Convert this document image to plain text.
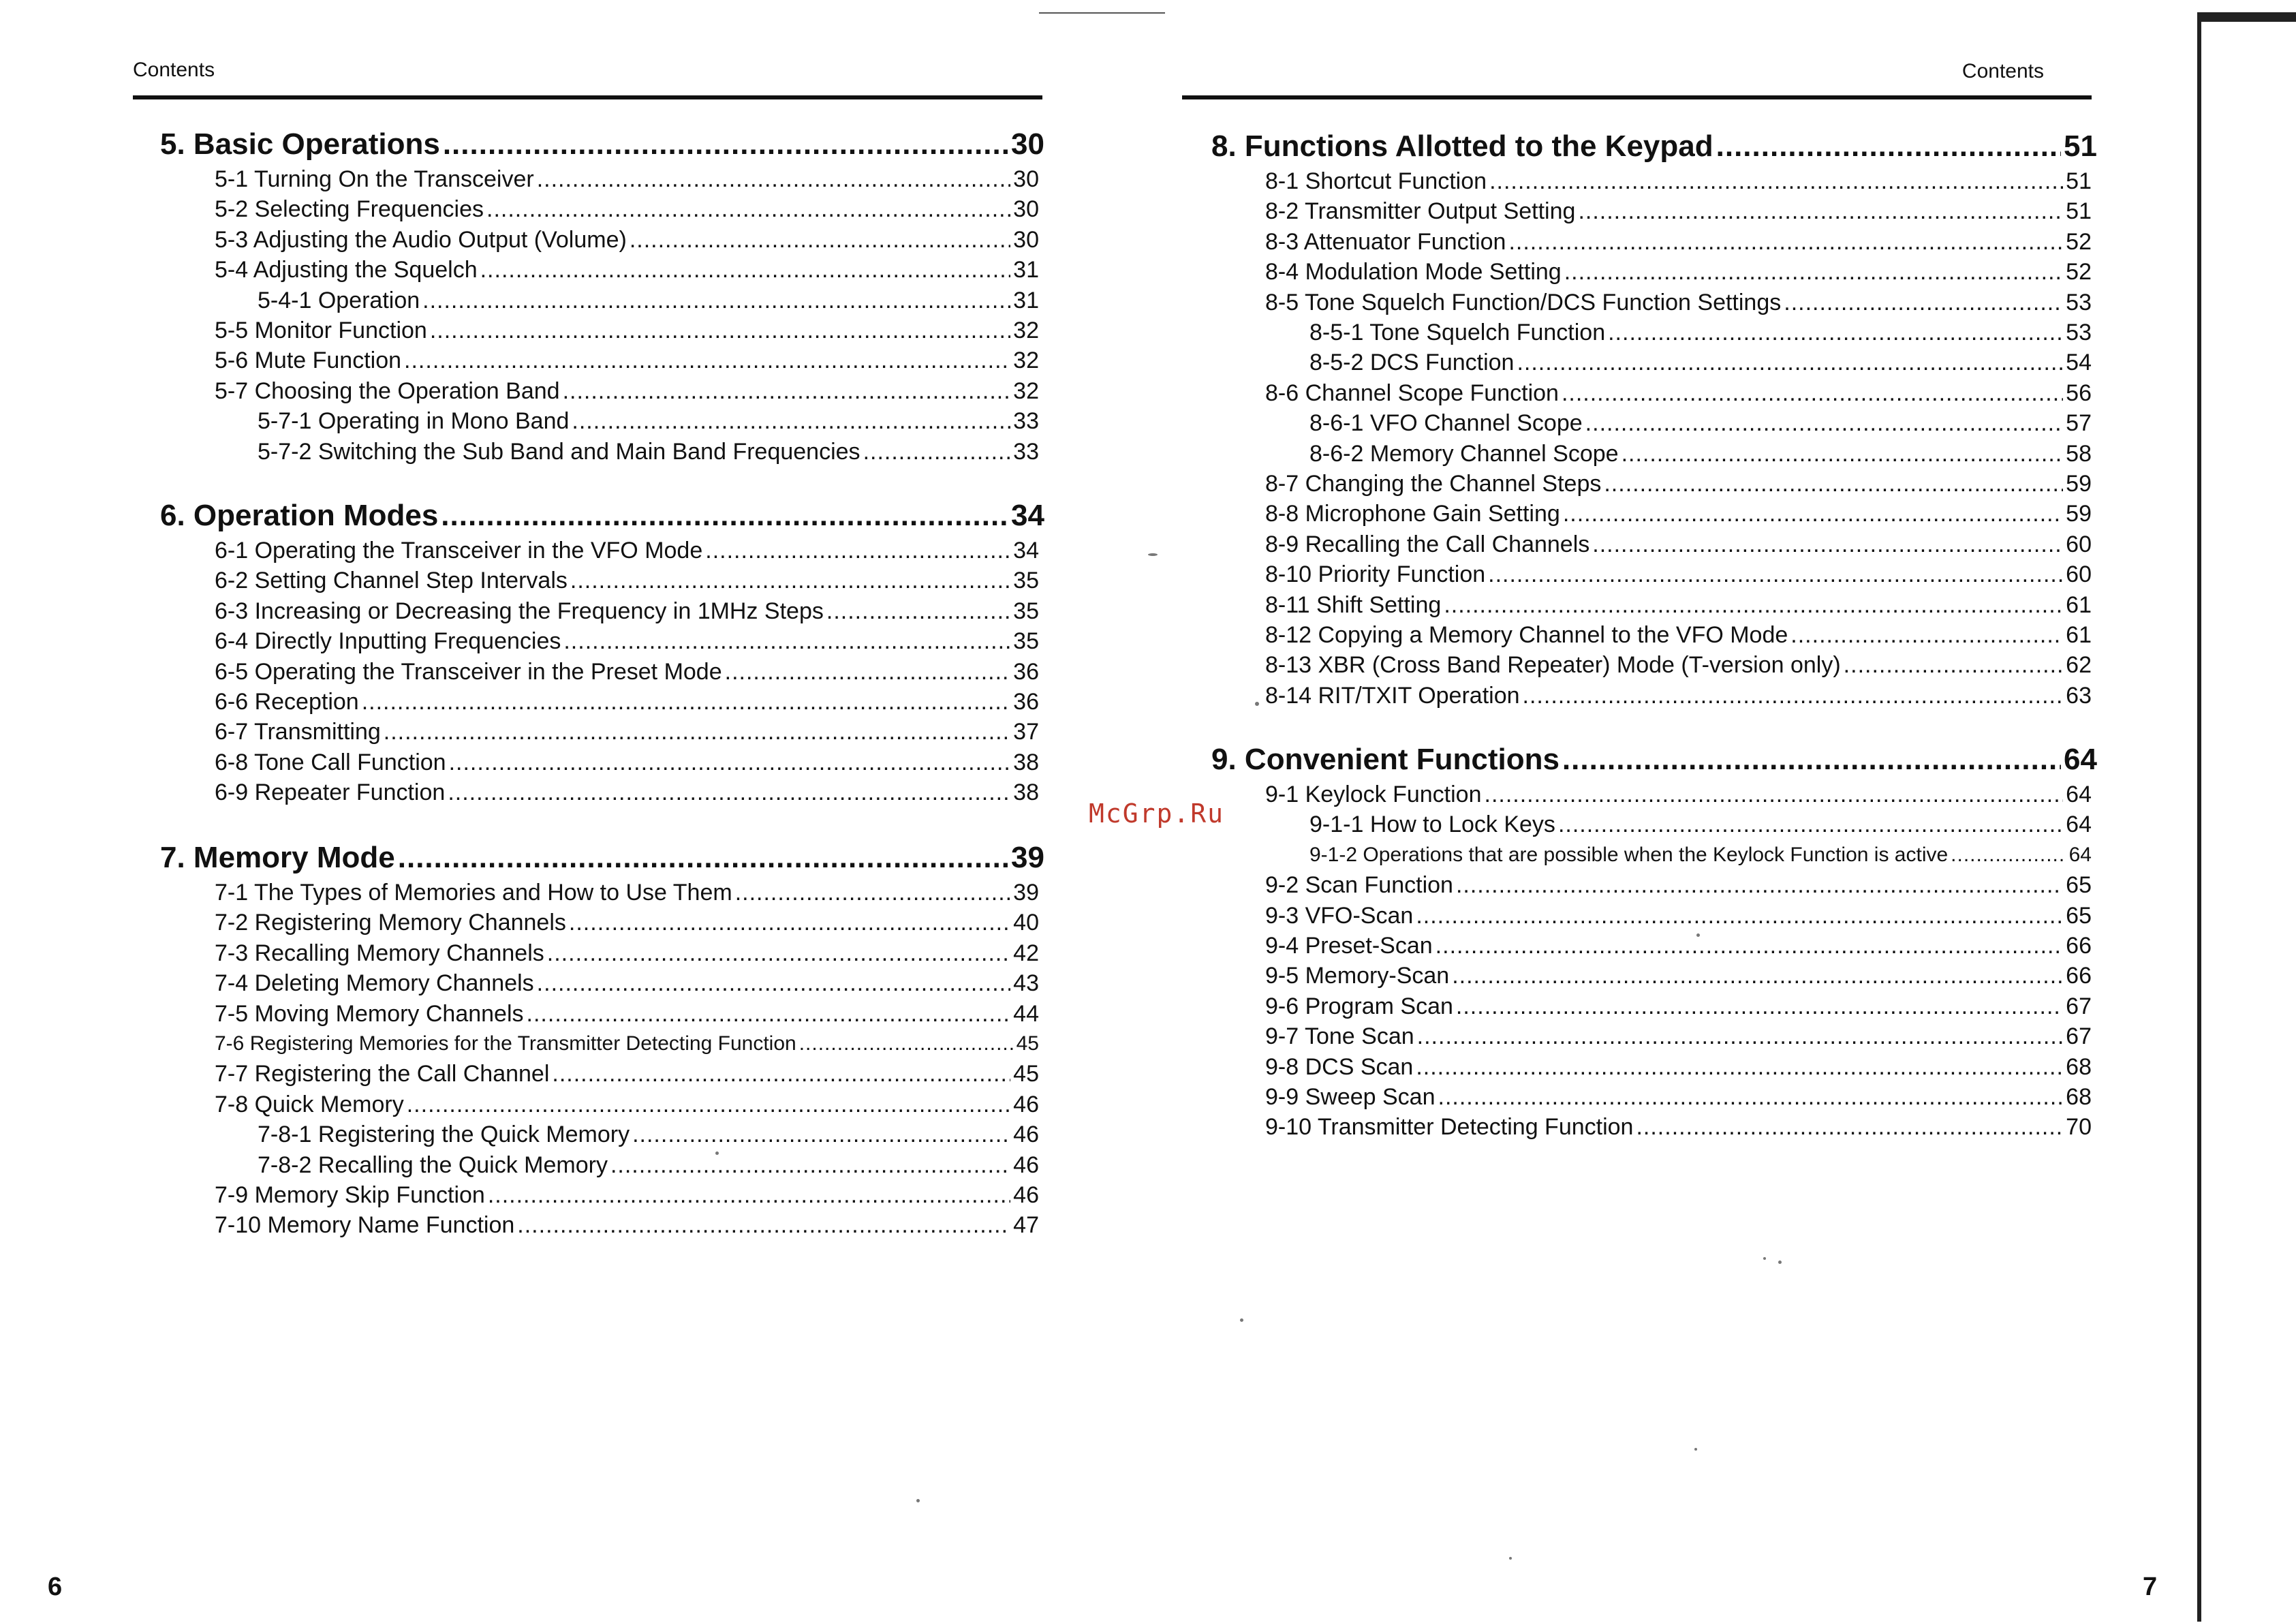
Contents
5. Basic Operations .....	30
5-1 Turning On the Transceiver .....	30
5-2 Selecting Frequencies .....	30
5-3 Adjusting the Audio Output (Volume) .....	30
5-4 Adjusting the Squelch .....	31
5-4-1 Operation .....	31
5-5 Monitor Function .....	32
5-6 Mute Function .....	32
5-7 Choosing the Operation Band .....	32
5-7-1 Operating in Mono Band .....	33
5-7-2 Switching the Sub Band and Main Band Frequencies .....	33
6. Operation Modes .....	34
6-1 Operating the Transceiver in the VFO Mode .....	34
6-2 Setting Channel Step Intervals .....	35
6-3 Increasing or Decreasing the Frequency in 1MHz Steps .....	35
6-4 Directly Inputting Frequencies .....	35
6-5 Operating the Transceiver in the Preset Mode .....	36
6-6 Reception .....	36
6-7 Transmitting .....	37
6-8 Tone Call Function .....	38
6-9 Repeater Function .....	38
7. Memory Mode .....	39
7-1 The Types of Memories and How to Use Them .....	39
7-2 Registering Memory Channels .....	40
7-3 Recalling Memory Channels .....	42
7-4 Deleting Memory Channels .....	43
7-5 Moving Memory Channels .....	44
7-6 Registering Memories for the Transmitter Detecting Function .....	45
7-7 Registering the Call Channel .....	45
7-8 Quick Memory .....	46
7-8-1 Registering the Quick Memory .....	46
7-8-2 Recalling the Quick Memory .....	46
7-9 Memory Skip Function .....	46
7-10 Memory Name Function .....	47
6
Contents
8. Functions Allotted to the Keypad .....	51
8-1 Shortcut Function .....	51
8-2 Transmitter Output Setting .....	51
8-3 Attenuator Function .....	52
8-4 Modulation Mode Setting .....	52
8-5 Tone Squelch Function/DCS Function Settings .....	53
8-5-1 Tone Squelch Function .....	53
8-5-2 DCS Function .....	54
8-6 Channel Scope Function .....	56
8-6-1 VFO Channel Scope .....	57
8-6-2 Memory Channel Scope .....	58
8-7 Changing the Channel Steps .....	59
8-8 Microphone Gain Setting .....	59
8-9 Recalling the Call Channels .....	60
8-10 Priority Function .....	60
8-11 Shift Setting .....	61
8-12 Copying a Memory Channel to the VFO Mode .....	61
8-13 XBR (Cross Band Repeater) Mode (T-version only) .....	62
8-14 RIT/TXIT Operation .....	63
9. Convenient Functions .....	64
9-1 Keylock Function .....	64
9-1-1 How to Lock Keys .....	64
9-1-2 Operations that are possible when the Keylock Function is active .....	64
9-2 Scan Function .....	65
9-3 VFO-Scan .....	65
9-4 Preset-Scan .....	66
9-5 Memory-Scan .....	66
9-6 Program Scan .....	67
9-7 Tone Scan .....	67
9-8 DCS Scan .....	68
9-9 Sweep Scan .....	68
9-10 Transmitter Detecting Function .....	70
7
McGrp.Ru
